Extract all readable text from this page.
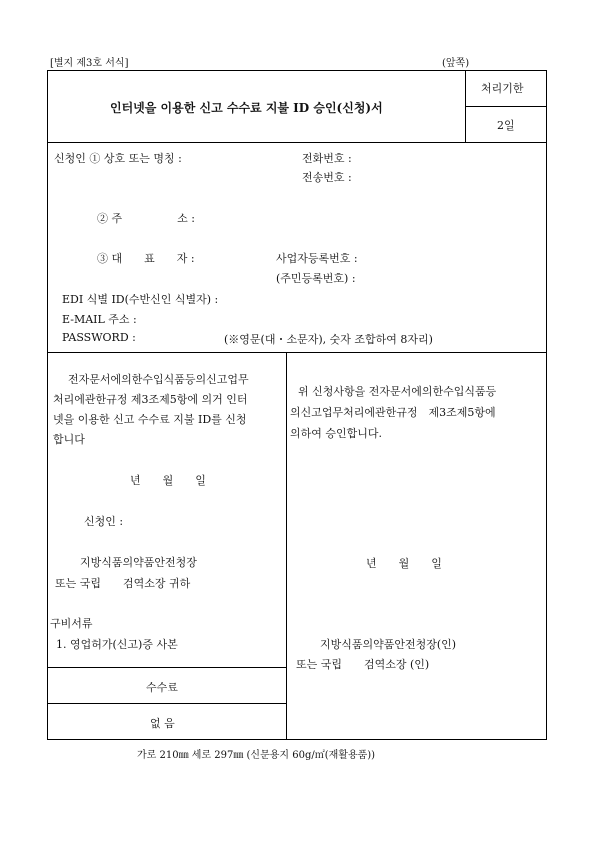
[별지 제3호 서식]	(앞쪽)
인터넷을 이용한 신고 수수료 지불 ID 승인(신청)서
처리기한
2일
신청인 ① 상호 또는 명칭 :	전화번호 :
전송번호 :
② 주　　　　　소 :
③ 대　　표　　자 :	사업자등록번호 :
(주민등록번호) :
EDI 식별 ID(수반신인 식별자) :
E-MAIL 주소 :
PASSWORD :	(※영문(대・소문자), 숫자 조합하여 8자리)
전자문서에의한수입식품등의신고업무
처리에관한규정 제3조제5항에 의거 인터
넷을 이용한 신고 수수료 지불 ID를 신청
합니다
년　　월　　일
신청인 :
지방식품의약품안전청장
또는 국립　　검역소장 귀하
구비서류
1. 영업허가(신고)증 사본
수수료
없 음
위 신청사항을 전자문서에의한수입식품등
의신고업무처리에관한규정　제3조제5항에
의하여 승인합니다.
년　　월　　일
지방식품의약품안전청장(인)
또는 국립　　검역소장 (인)
가로 210㎜ 세로 297㎜ (신문용지 60g/㎡(재활용품))
